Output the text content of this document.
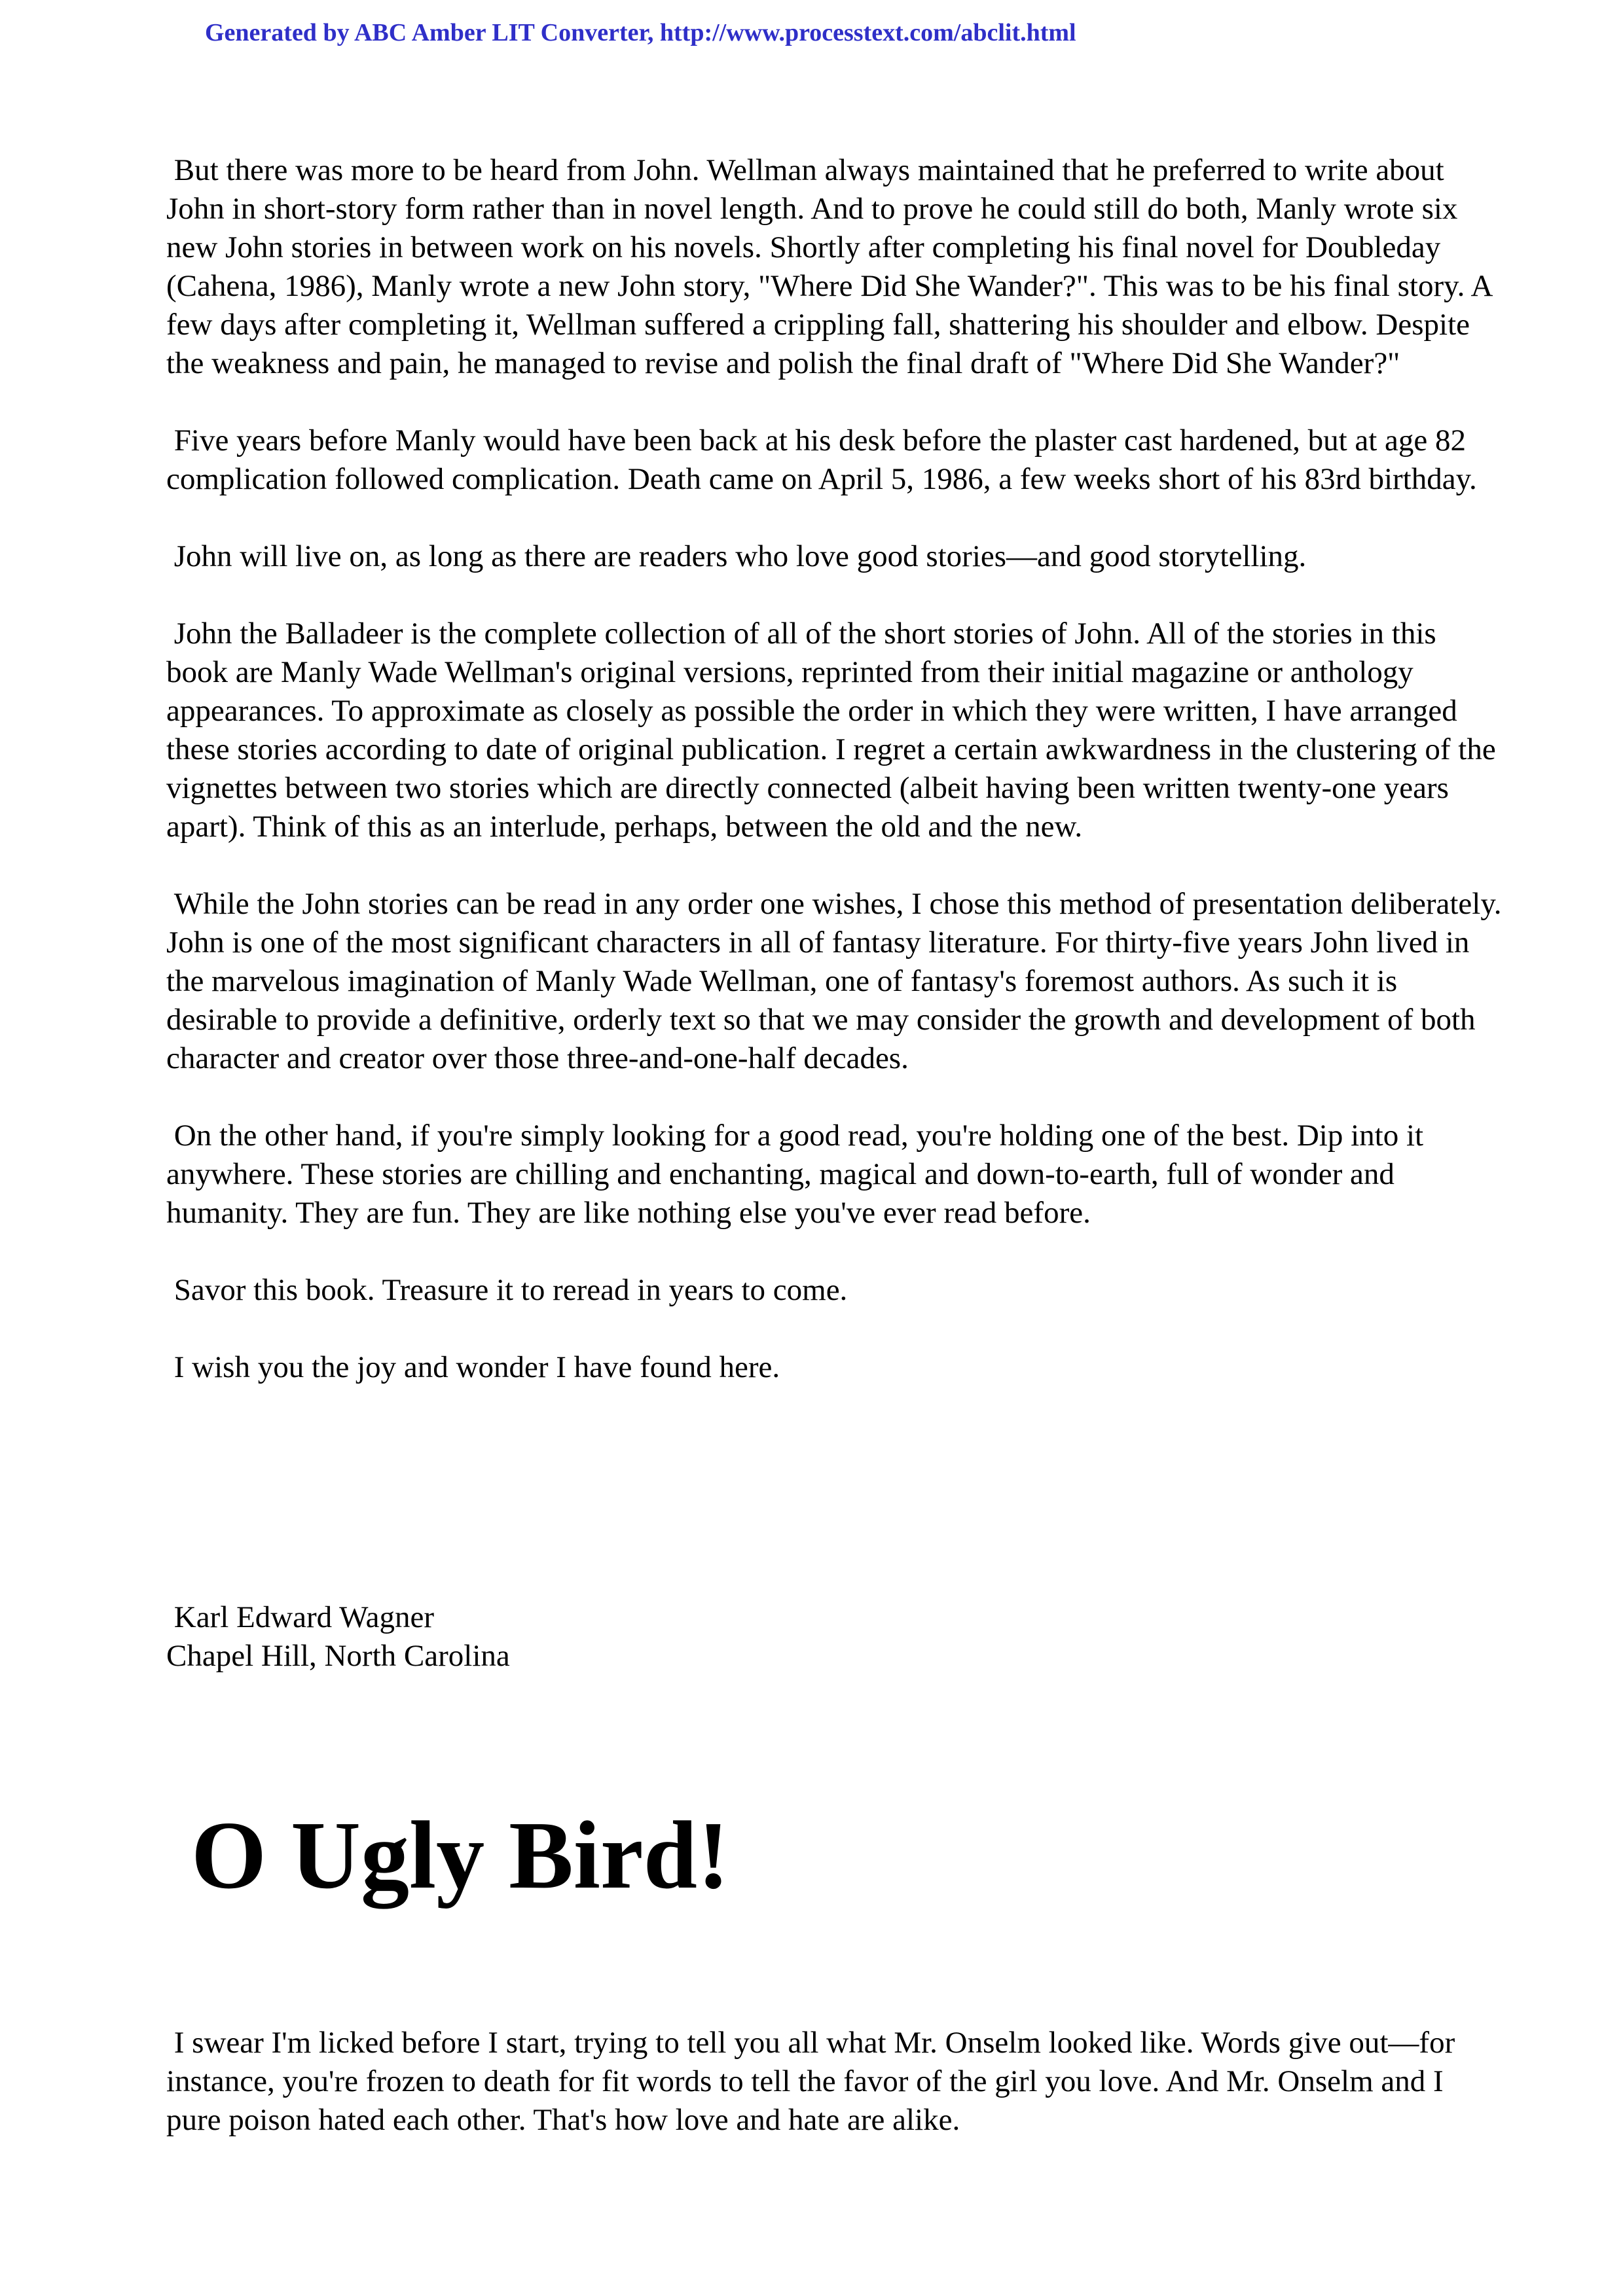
Generated by ABC Amber LIT Converter, http://www.processtext.com/abclit.html

But there was more to be heard from John. Wellman always maintained that he preferred to write about John in short-story form rather than in novel length. And to prove he could still do both, Manly wrote six new John stories in between work on his novels. Shortly after completing his final novel for Doubleday (Cahena, 1986), Manly wrote a new John story, "Where Did She Wander?". This was to be his final story. A few days after completing it, Wellman suffered a crippling fall, shattering his shoulder and elbow. Despite the weakness and pain, he managed to revise and polish the final draft of "Where Did She Wander?"

Five years before Manly would have been back at his desk before the plaster cast hardened, but at age 82 complication followed complication. Death came on April 5, 1986, a few weeks short of his 83rd birthday.

John will live on, as long as there are readers who love good stories—and good storytelling.

John the Balladeer is the complete collection of all of the short stories of John. All of the stories in this book are Manly Wade Wellman's original versions, reprinted from their initial magazine or anthology appearances. To approximate as closely as possible the order in which they were written, I have arranged these stories according to date of original publication. I regret a certain awkwardness in the clustering of the vignettes between two stories which are directly connected (albeit having been written twenty-one years apart). Think of this as an interlude, perhaps, between the old and the new.

While the John stories can be read in any order one wishes, I chose this method of presentation deliberately. John is one of the most significant characters in all of fantasy literature. For thirty-five years John lived in the marvelous imagination of Manly Wade Wellman, one of fantasy's foremost authors. As such it is desirable to provide a definitive, orderly text so that we may consider the growth and development of both character and creator over those three-and-one-half decades.

On the other hand, if you're simply looking for a good read, you're holding one of the best. Dip into it anywhere. These stories are chilling and enchanting, magical and down-to-earth, full of wonder and humanity. They are fun. They are like nothing else you've ever read before.

Savor this book. Treasure it to reread in years to come.

I wish you the joy and wonder I have found here.

Karl Edward Wagner

Chapel Hill, North Carolina

O Ugly Bird!

I swear I'm licked before I start, trying to tell you all what Mr. Onselm looked like. Words give out—for instance, you're frozen to death for fit words to tell the favor of the girl you love. And Mr. Onselm and I pure poison hated each other. That's how love and hate are alike.
